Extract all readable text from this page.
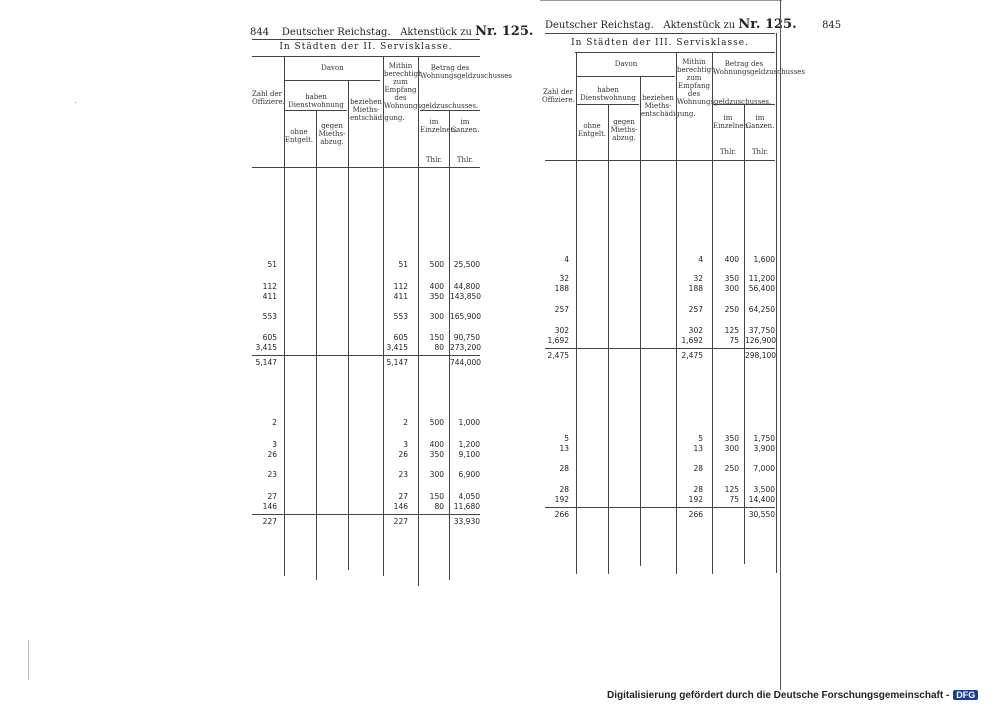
844 Deutscher Reichstag. Aktenstück zu Nr. 125.
In Städten der II. Servisklasse.
Zahl der Offiziere.
Davon
haben Dienstwohnung
ohne Entgelt.
gegen Mieths-abzug.
beziehen Mieths-entschädigung.
Mithin berechtigt zum Empfang des Wohnungsgeldzuschusses.
Betrag des Wohnungsgeldzuschusses
im Einzelnen.
im Ganzen.
Thlr.	Thlr.
51	51	500	25,500
112	112	400	44,800
411	411	350 143,850
553	553	300 165,900
605	605	150	90,750
3,415	3,415	80 273,200
5,147	5,147	744,000
2	2	500	1,000
3	3	400	1,200
26	26	350	9,100
23	23	300	6,900
27	27	150	4,050
146	146	80	11,680
227	227	33,930
Deutscher Reichstag. Aktenstück zu Nr. 125.	845
In Städten der III. Servisklasse.
Zahl der Offiziere.
Davon
haben Dienstwohnung
ohne Entgelt.
gegen Mieths-abzug.
beziehen Mieths-entschädigung.
Mithin berechtigt zum Empfang des Wohnungsgeldzuschusses.
Betrag des Wohnungsgeldzuschusses
im Einzelnen.
im Ganzen.
Thlr.	Thlr.
4	4	400	1,600
32	32	350	11,200
188	188	300	56,400
257	257	250	64,250
302	302	125	37,750
1,692	1,692	75 126,900
2,475	2,475	298,100
5	5	350	1,750
13	13	300	3,900
28	28	250	7,000
28	28	125	3,500
192	192	75	14,400
266	266	30,550
Digitalisierung gefördert durch die Deutsche Forschungsgemeinschaft - DFG
